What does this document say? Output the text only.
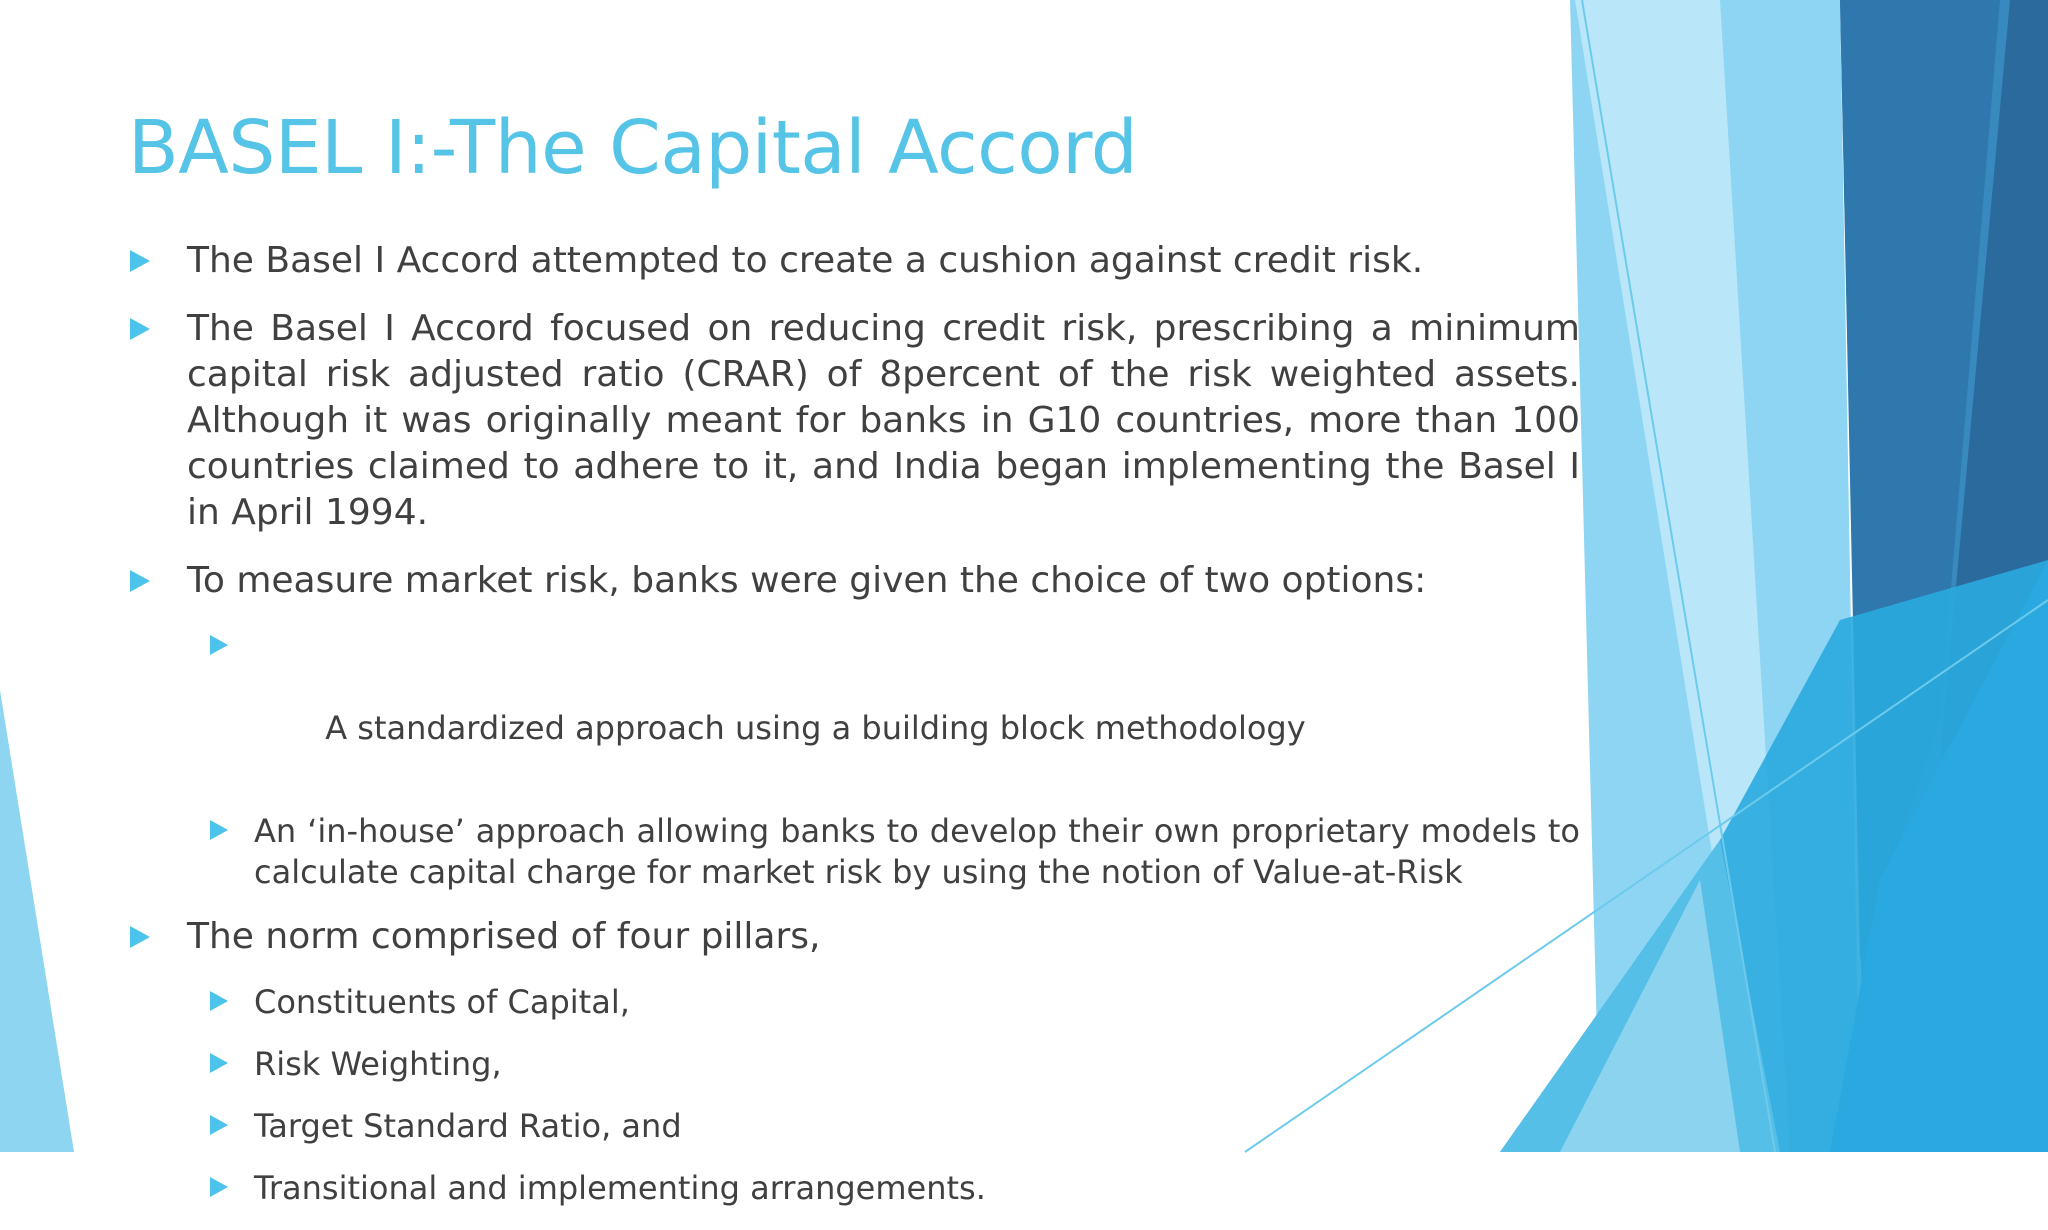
BASEL I:-The Capital Accord
The Basel I Accord attempted to create a cushion against credit risk.
The Basel I Accord focused on reducing credit risk, prescribing a minimum capital risk adjusted ratio (CRAR) of 8percent of the risk weighted assets. Although it was originally meant for banks in G10 countries, more than 100 countries claimed to adhere to it, and India began implementing the Basel I in April 1994.
To measure market risk, banks were given the choice of two options:

A standardized approach using a building block methodology

An ‘in-house’ approach allowing banks to develop their own proprietary models to calculate capital charge for market risk by using the notion of Value-at-Risk
The norm comprised of four pillars,
Constituents of Capital,
Risk Weighting,
Target Standard Ratio, and
Transitional and implementing arrangements.
